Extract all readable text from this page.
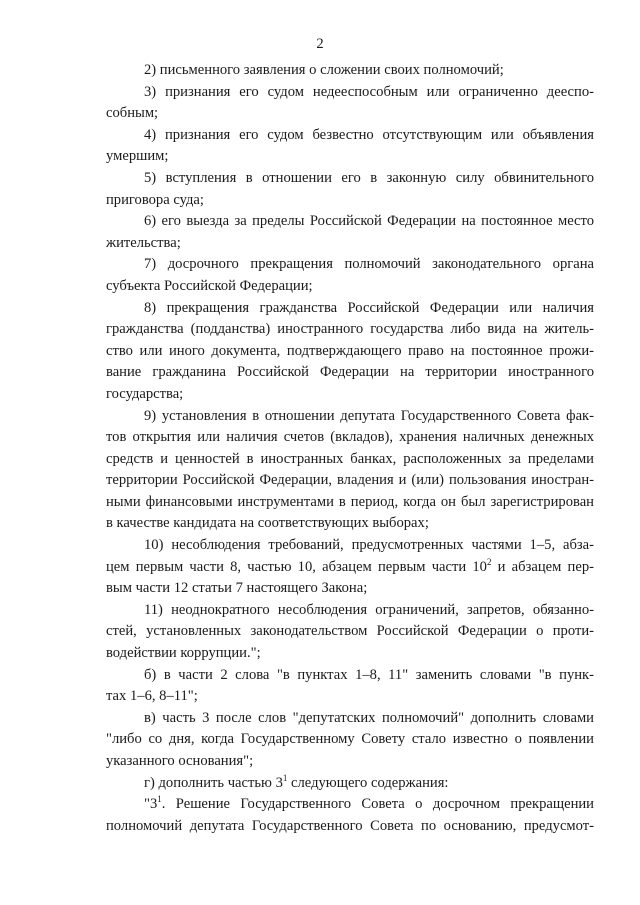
2
2) письменного заявления о сложении своих полномочий;
3) признания его судом недееспособным или ограниченно дееспо-
собным;
4) признания его судом безвестно отсутствующим или объявления
умершим;
5) вступления в отношении его в законную силу обвинительного
приговора суда;
6) его выезда за пределы Российской Федерации на постоянное место
жительства;
7) досрочного прекращения полномочий законодательного органа
субъекта Российской Федерации;
8) прекращения гражданства Российской Федерации или наличия
гражданства (подданства) иностранного государства либо вида на житель-
ство или иного документа, подтверждающего право на постоянное прожи-
вание гражданина Российской Федерации на территории иностранного
государства;
9) установления в отношении депутата Государственного Совета фак-
тов открытия или наличия счетов (вкладов), хранения наличных денежных
средств и ценностей в иностранных банках, расположенных за пределами
территории Российской Федерации, владения и (или) пользования иностран-
ными финансовыми инструментами в период, когда он был зарегистрирован
в качестве кандидата на соответствующих выборах;
10) несоблюдения требований, предусмотренных частями 1–5, абза-
цем первым части 8, частью 10, абзацем первым части $10^2$ и абзацем пер-
вым части 12 статьи 7 настоящего Закона;
11) неоднократного несоблюдения ограничений, запретов, обязанно-
стей, установленных законодательством Российской Федерации о проти-
водействии коррупции.";
б) в части 2 слова "в пунктах 1–8, 11" заменить словами "в пунк-
тах 1–6, 8–11";
в) часть 3 после слов "депутатских полномочий" дополнить словами
"либо со дня, когда Государственному Совету стало известно о появлении
указанного основания";
г) дополнить частью $3^1$ следующего содержания:
"$3^1$. Решение Государственного Совета о досрочном прекращении
полномочий депутата Государственного Совета по основанию, предусмот-
